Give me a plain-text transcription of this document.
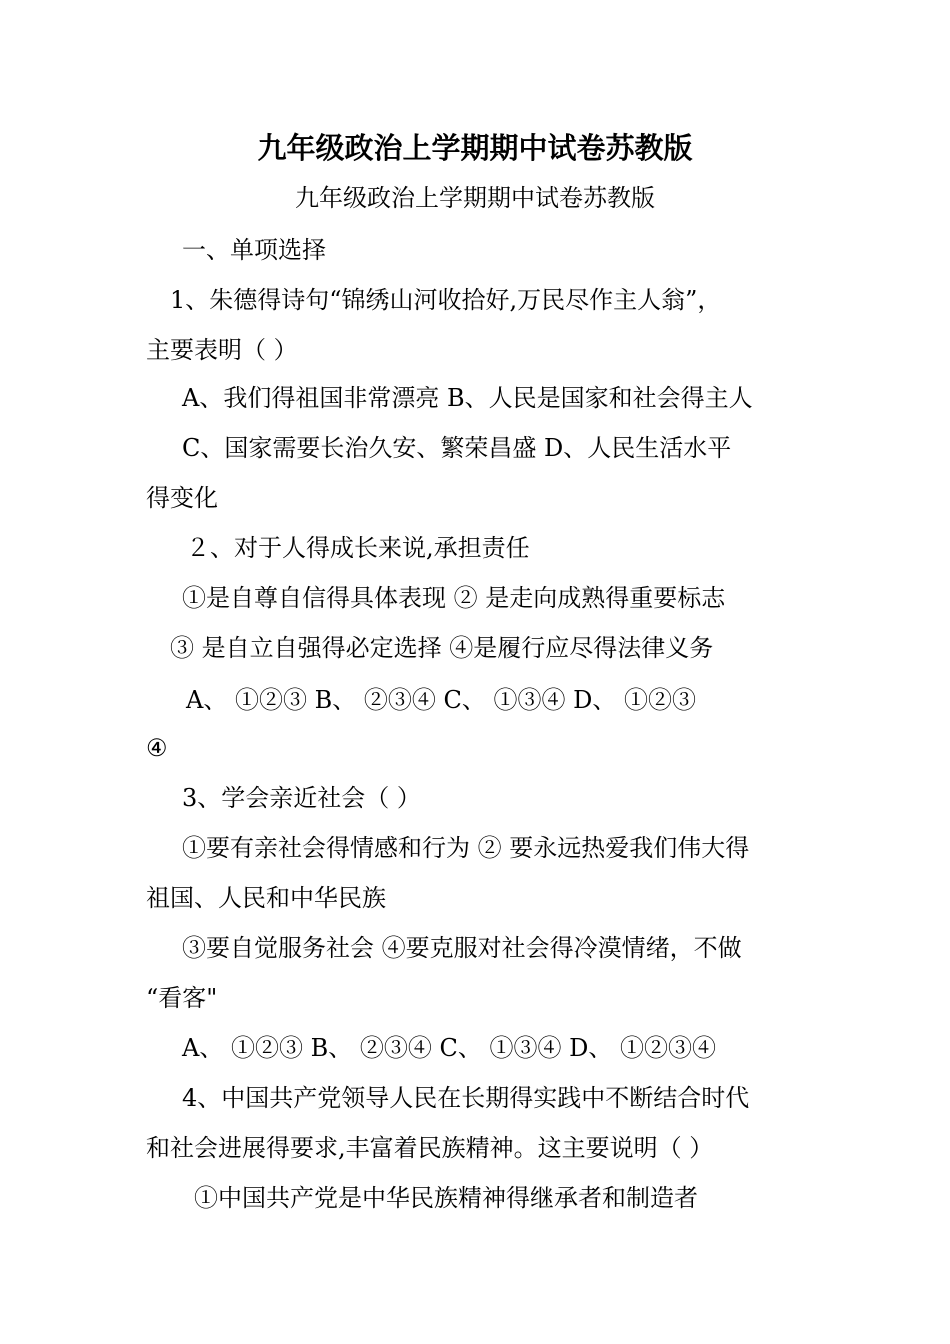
九年级政治上学期期中试卷苏教版
九年级政治上学期期中试卷苏教版
一、单项选择
1、朱德得诗句“锦绣山河收拾好,万民尽作主人翁”，
主要表明（ ）
A、我们得祖国非常漂亮 B、人民是国家和社会得主人
C、国家需要长治久安、繁荣昌盛 D、人民生活水平
得变化
２、对于人得成长来说,承担责任
①是自尊自信得具体表现 ② 是走向成熟得重要标志
③ 是自立自强得必定选择 ④是履行应尽得法律义务
A、 ①②③ B、 ②③④ C、 ①③④ D、 ①②③
④
3、学会亲近社会（ ）
①要有亲社会得情感和行为 ② 要永远热爱我们伟大得
祖国、人民和中华民族
③要自觉服务社会 ④要克服对社会得冷漠情绪，不做
“看客"
A、 ①②③ B、 ②③④ C、 ①③④ D、 ①②③④
4、中国共产党领导人民在长期得实践中不断结合时代
和社会进展得要求,丰富着民族精神。这主要说明（ ）
①中国共产党是中华民族精神得继承者和制造者
